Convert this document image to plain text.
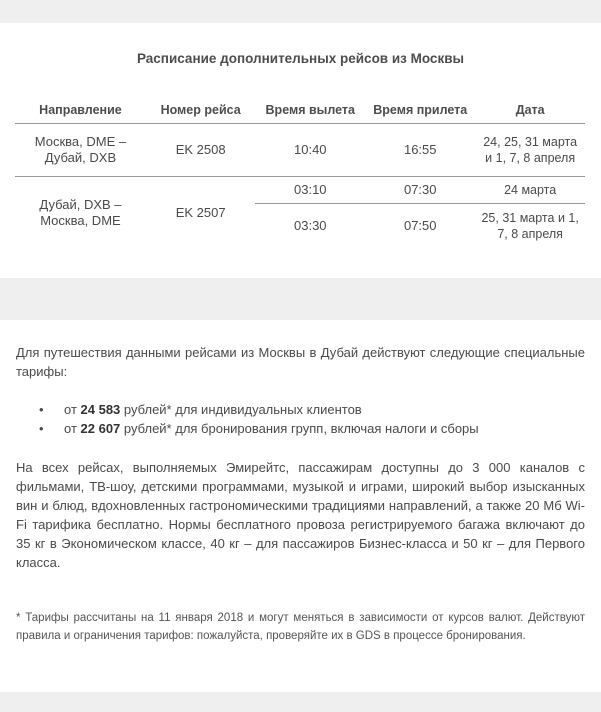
Расписание дополнительных рейсов из Москвы
Направление	Номер рейса	Время вылета	Время прилета	Дата
Москва, DME – Дубай, DXB	EK 2508	10:40	16:55	24, 25, 31 марта и 1, 7, 8 апреля
Дубай, DXB – Москва, DME	EK 2507	03:10	07:30	24 марта
		03:30	07:50	25, 31 марта и 1, 7, 8 апреля

Для путешествия данными рейсами из Москвы в Дубай действуют следующие специальные тарифы:

• от 24 583 рублей* для индивидуальных клиентов
• от 22 607 рублей* для бронирования групп, включая налоги и сборы

На всех рейсах, выполняемых Эмирейтс, пассажирам доступны до 3 000 каналов с фильмами, ТВ-шоу, детскими программами, музыкой и играми, широкий выбор изысканных вин и блюд, вдохновленных гастрономическими традициями направлений, а также 20 Мб Wi-Fi тарифика бесплатно. Нормы бесплатного провоза регистрируемого багажа включают до 35 кг в Экономическом классе, 40 кг – для пассажиров Бизнес-класса и 50 кг – для Первого класса.

* Тарифы рассчитаны на 11 января 2018 и могут меняться в зависимости от курсов валют. Действуют правила и ограничения тарифов: пожалуйста, проверяйте их в GDS в процессе бронирования.
